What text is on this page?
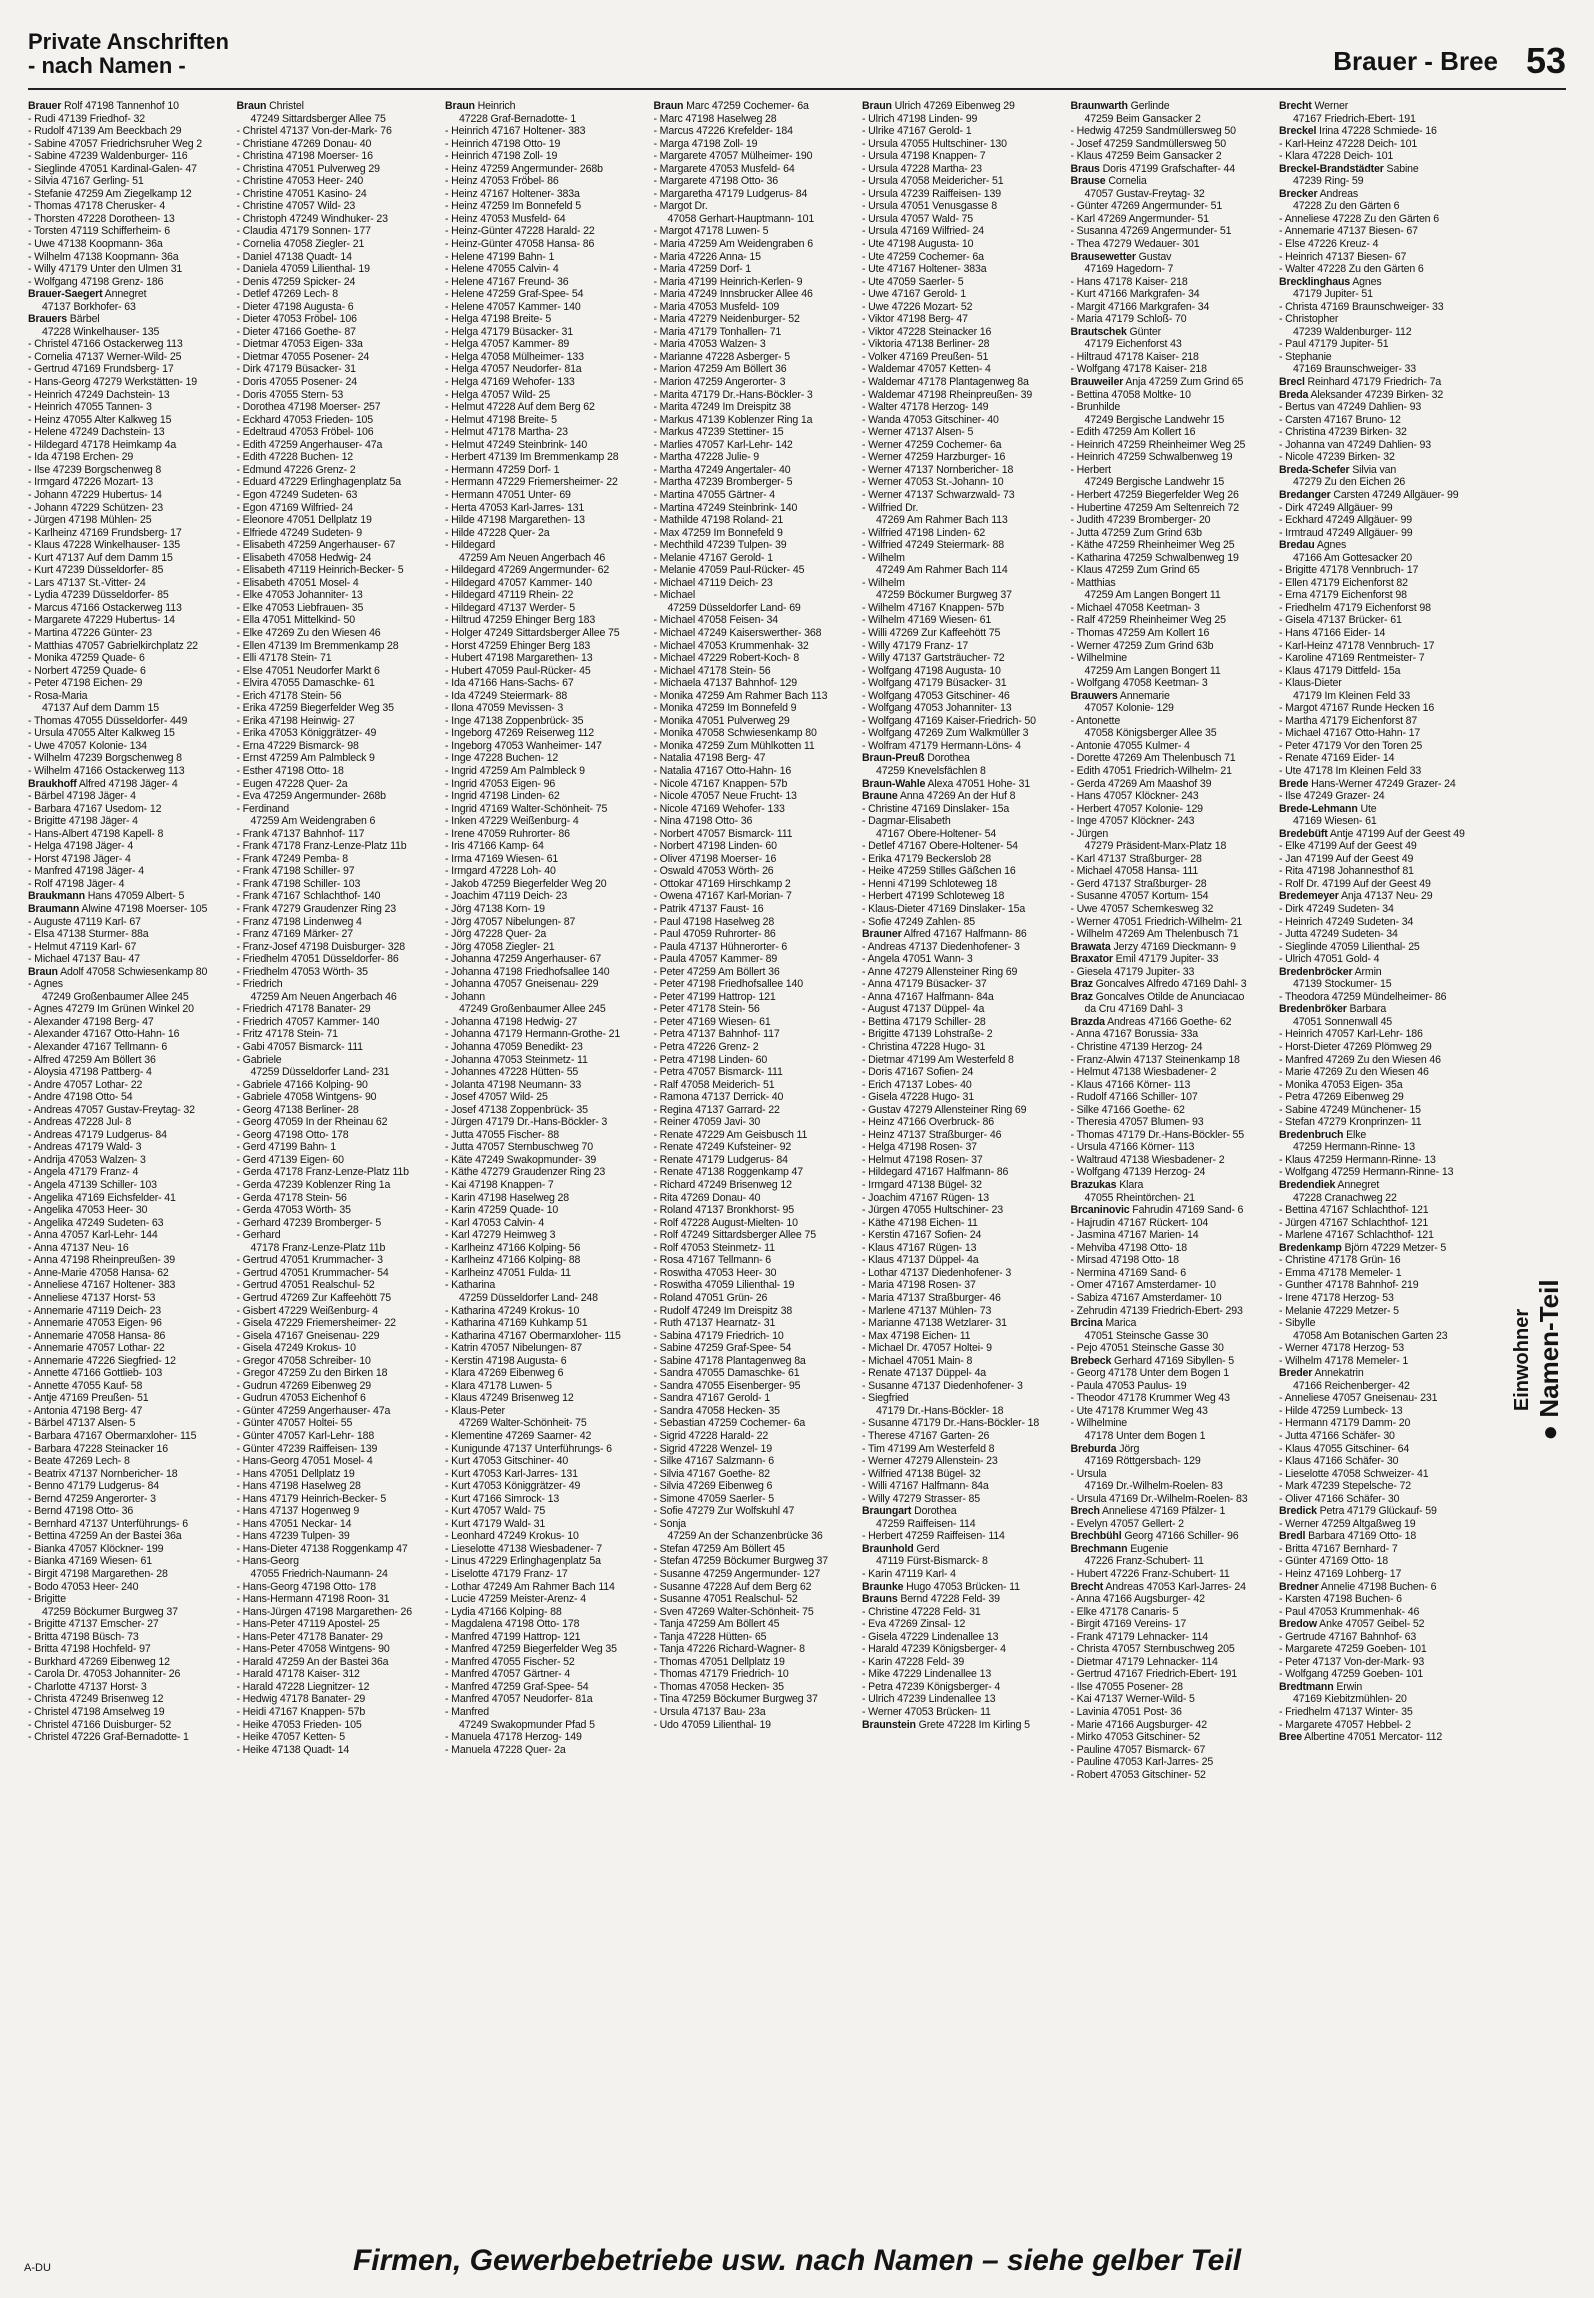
Private Anschriften
- nach Namen -	Brauer - Bree 53
Brauer Rolf 47198 Tannenhof 10
- Rudi 47139 Friedhof- 32
- Rudolf 47139 Am Beeckbach 29
- Sabine 47057 Friedrichsruher Weg 2
- Sabine 47239 Waldenburger- 116
- Sieglinde 47051 Kardinal-Galen- 47
- Silvia 47167 Gerling- 51
- Stefanie 47259 Am Ziegelkamp 12
- Thomas 47178 Cherusker- 4
- Thorsten 47228 Dorotheen- 13
- Torsten 47119 Schifferheim- 6
- Uwe 47138 Koopmann- 36a
- Wilhelm 47138 Koopmann- 36a
- Willy 47179 Unter den Ulmen 31
- Wolfgang 47198 Grenz- 186
Brauer-Saegert Annegret
47137 Borkhofer- 63
Brauers Bärbel
47228 Winkelhauser- 135
- Christel 47166 Ostackerweg 113
- Cornelia 47137 Werner-Wild- 25
- Gertrud 47169 Frundsberg- 17
- Hans-Georg 47279 Werkstätten- 19
- Heinrich 47249 Dachstein- 13
- Heinrich 47055 Tannen- 3
- Heinz 47055 Alter Kalkweg 15
- Helene 47249 Dachstein- 13
- Hildegard 47178 Heimkamp 4a
- Ida 47198 Erchen- 29
- Ilse 47239 Borgschenweg 8
- Irmgard 47226 Mozart- 13
- Johann 47229 Hubertus- 14
- Johann 47229 Schützen- 23
- Jürgen 47198 Mühlen- 25
- Karlheinz 47169 Frundsberg- 17
- Klaus 47228 Winkelhauser- 135
- Kurt 47137 Auf dem Damm 15
- Kurt 47239 Düsseldorfer- 85
- Lars 47137 St.-Vitter- 24
- Lydia 47239 Düsseldorfer- 85
- Marcus 47166 Ostackerweg 113
- Margarete 47229 Hubertus- 14
- Martina 47226 Günter- 23
- Matthias 47057 Gabrielkirchplatz 22
- Monika 47259 Quade- 6
- Norbert 47259 Quade- 6
- Peter 47198 Eichen- 29
- Rosa-Maria
47137 Auf dem Damm 15
- Thomas 47055 Düsseldorfer- 449
- Ursula 47055 Alter Kalkweg 15
- Uwe 47057 Kolonie- 134
- Wilhelm 47239 Borgschenweg 8
- Wilhelm 47166 Ostackerweg 113
Braukhoff Alfred 47198 Jäger- 4
- Bärbel 47198 Jäger- 4
- Barbara 47167 Usedom- 12
- Brigitte 47198 Jäger- 4
- Hans-Albert 47198 Kapell- 8
- Helga 47198 Jäger- 4
- Horst 47198 Jäger- 4
- Manfred 47198 Jäger- 4
- Rolf 47198 Jäger- 4
Braukmann Hans 47059 Albert- 5
Braumann Alwine 47198 Moerser- 105
- Auguste 47119 Karl- 67
- Elsa 47138 Sturmer- 88a
- Helmut 47119 Karl- 67
- Michael 47137 Bau- 47
Braun Adolf 47058 Schwiesenkamp 80
- Agnes
47249 Großenbaumer Allee 245
- Agnes 47279 Im Grünen Winkel 20
- Alexander 47198 Berg- 47
- Alexander 47167 Otto-Hahn- 16
- Alexander 47167 Tellmann- 6
- Alfred 47259 Am Böllert 36
- Aloysia 47198 Pattberg- 4
- Andre 47057 Lothar- 22
- Andre 47198 Otto- 54
- Andreas 47057 Gustav-Freytag- 32
- Andreas 47228 Jul- 8
- Andreas 47179 Ludgerus- 84
- Andreas 47179 Wald- 3
- Andrija 47053 Walzen- 3
- Angela 47179 Franz- 4
- Angela 47139 Schiller- 103
- Angelika 47169 Eichsfelder- 41
- Angelika 47053 Heer- 30
- Angelika 47249 Sudeten- 63
- Anna 47057 Karl-Lehr- 144
- Anna 47137 Neu- 16
- Anna 47198 Rheinpreußen- 39
- Anne-Marie 47058 Hansa- 62
- Anneliese 47167 Holtener- 383
- Anneliese 47137 Horst- 53
- Annemarie 47119 Deich- 23
- Annemarie 47053 Eigen- 96
- Annemarie 47058 Hansa- 86
- Annemarie 47057 Lothar- 22
- Annemarie 47226 Siegfried- 12
- Annette 47166 Gottlieb- 103
- Annette 47055 Kauf- 58
- Antje 47169 Preußen- 51
- Antonia 47198 Berg- 47
- Bärbel 47137 Alsen- 5
- Barbara 47167 Obermarxloher- 115
- Barbara 47228 Steinacker 16
- Beate 47269 Lech- 8
- Beatrix 47137 Nornbericher- 18
- Benno 47179 Ludgerus- 84
- Bernd 47259 Angerorter- 3
- Bernd 47198 Otto- 36
- Bernhard 47137 Unterführungs- 6
- Bettina 47259 An der Bastei 36a
- Bianka 47057 Klöckner- 199
- Bianka 47169 Wiesen- 61
- Birgit 47198 Margarethen- 28
- Bodo 47053 Heer- 240
- Brigitte
47259 Böckumer Burgweg 37
- Brigitte 47137 Emscher- 27
- Britta 47198 Büsch- 73
- Britta 47198 Hochfeld- 97
- Burkhard 47269 Eibenweg 12
- Carola Dr. 47053 Johanniter- 26
- Charlotte 47137 Horst- 3
- Christa 47249 Brisenweg 12
- Christel 47198 Amselweg 19
- Christel 47166 Duisburger- 52
- Christel 47226 Graf-Bernadotte- 1
Braun Christel
47249 Sittardsberger Allee 75
- Christel 47137 Von-der-Mark- 76
- Christiane 47269 Donau- 40
- Christina 47198 Moerser- 16
- Christina 47051 Pulverweg 29
- Christine 47053 Heer- 240
- Christine 47051 Kasino- 24
- Christine 47057 Wild- 23
- Christoph 47249 Windhuker- 23
- Claudia 47179 Sonnen- 177
- Cornelia 47058 Ziegler- 21
- Daniel 47138 Quadt- 14
- Daniela 47059 Lilienthal- 19
- Denis 47259 Spicker- 24
- Detlef 47269 Lech- 8
- Dieter 47198 Augusta- 6
- Dieter 47053 Fröbel- 106
- Dieter 47166 Goethe- 87
- Dietmar 47053 Eigen- 33a
- Dietmar 47055 Posener- 24
- Dirk 47179 Büsacker- 31
- Doris 47055 Posener- 24
- Doris 47055 Stern- 53
- Dorothea 47198 Moerser- 257
- Eckhard 47053 Frieden- 105
- Edeltraud 47053 Fröbel- 106
- Edith 47259 Angerhauser- 47a
- Edith 47228 Buchen- 12
- Edmund 47226 Grenz- 2
- Eduard 47229 Erlinghagenplatz 5a
- Egon 47249 Sudeten- 63
- Egon 47169 Wilfried- 24
- Eleonore 47051 Dellplatz 19
- Elfriede 47249 Sudeten- 9
- Elisabeth 47259 Angerhauser- 67
- Elisabeth 47058 Hedwig- 24
- Elisabeth 47119 Heinrich-Becker- 5
- Elisabeth 47051 Mosel- 4
- Elke 47053 Johanniter- 13
- Elke 47053 Liebfrauen- 35
- Ella 47051 Mittelkind- 50
- Elke 47269 Zu den Wiesen 46
- Ellen 47139 Im Bremmenkamp 28
- Elli 47178 Stein- 71
- Else 47051 Neudorfer Markt 6
- Elvira 47055 Damaschke- 61
- Erich 47178 Stein- 56
- Erika 47259 Biegerfelder Weg 35
- Erika 47198 Heinwig- 27
- Erika 47053 Königgrätzer- 49
- Erna 47229 Bismarck- 98
- Ernst 47259 Am Palmbleck 9
- Esther 47198 Otto- 18
- Eugen 47228 Quer- 2a
- Eva 47259 Angermunder- 268b
- Ferdinand
47259 Am Weidengraben 6
- Frank 47137 Bahnhof- 117
- Frank 47178 Franz-Lenze-Platz 11b
- Frank 47249 Pemba- 8
- Frank 47198 Schiller- 97
- Frank 47198 Schiller- 103
- Frank 47167 Schlachthof- 140
- Frank 47279 Graudenzer Ring 23
- Franz 47198 Lindenweg 4
- Franz 47169 Märker- 27
- Franz-Josef 47198 Duisburger- 328
- Friedhelm 47051 Düsseldorfer- 86
- Friedhelm 47053 Wörth- 35
- Friedrich
47259 Am Neuen Angerbach 46
- Friedrich 47178 Banater- 29
- Friedrich 47057 Kammer- 140
- Fritz 47178 Stein- 71
- Gabi 47057 Bismarck- 111
- Gabriele
47259 Düsseldorfer Land- 231
- Gabriele 47166 Kolping- 90
- Gabriele 47058 Wintgens- 90
- Georg 47138 Berliner- 28
- Georg 47059 In der Rheinau 62
- Georg 47198 Otto- 178
- Gerd 47199 Bahn- 1
- Gerd 47139 Eigen- 60
- Gerda 47178 Franz-Lenze-Platz 11b
- Gerda 47239 Koblenzer Ring 1a
- Gerda 47178 Stein- 56
- Gerda 47053 Wörth- 35
- Gerhard 47239 Bromberger- 5
- Gerhard
47178 Franz-Lenze-Platz 11b
- Gertrud 47051 Krummacher- 3
- Gertrud 47051 Krummacher- 54
- Gertrud 47051 Realschul- 52
- Gertrud 47269 Zur Kaffeehött 75
- Gisbert 47229 Weißenburg- 4
- Gisela 47229 Friemersheimer- 22
- Gisela 47167 Gneisenau- 229
- Gisela 47249 Krokus- 10
- Gregor 47058 Schreiber- 10
- Gregor 47259 Zu den Birken 18
- Gudrun 47269 Eibenweg 29
- Gudrun 47053 Eichenhof 6
- Günter 47259 Angerhauser- 47a
- Günter 47057 Holtei- 55
- Günter 47057 Karl-Lehr- 188
- Günter 47239 Raiffeisen- 139
- Hans-Georg 47051 Mosel- 4
- Hans 47051 Dellplatz 19
- Hans 47198 Haselweg 28
- Hans 47179 Heinrich-Becker- 5
- Hans 47137 Hogenweg 9
- Hans 47051 Neckar- 14
- Hans 47239 Tulpen- 39
- Hans-Dieter 47138 Roggenkamp 47
- Hans-Georg
47055 Friedrich-Naumann- 24
- Hans-Georg 47198 Otto- 178
- Hans-Hermann 47198 Roon- 31
- Hans-Jürgen 47198 Margarethen- 26
- Hans-Peter 47119 Apostel- 25
- Hans-Peter 47178 Banater- 29
- Hans-Peter 47058 Wintgens- 90
- Harald 47259 An der Bastei 36a
- Harald 47178 Kaiser- 312
- Harald 47228 Liegnitzer- 12
- Hedwig 47178 Banater- 29
- Heidi 47167 Knappen- 57b
- Heike 47053 Frieden- 105
- Heike 47057 Ketten- 5
- Heike 47138 Quadt- 14
Braun Heinrich
47228 Graf-Bernadotte- 1
- Heinrich 47167 Holtener- 383
- Heinrich 47198 Otto- 19
- Heinrich 47198 Zoll- 19
- Heinz 47259 Angermunder- 268b
- Heinz 47053 Fröbel- 86
- Heinz 47167 Holtener- 383a
- Heinz 47259 Im Bonnefeld 5
- Heinz 47053 Musfeld- 64
- Heinz-Günter 47228 Harald- 22
- Heinz-Günter 47058 Hansa- 86
- Helene 47199 Bahn- 1
- Helene 47055 Calvin- 4
- Helene 47167 Freund- 36
- Helene 47259 Graf-Spee- 54
- Helene 47057 Kammer- 140
- Helga 47198 Breite- 5
- Helga 47179 Büsacker- 31
- Helga 47057 Kammer- 89
- Helga 47058 Mülheimer- 133
- Helga 47057 Neudorfer- 81a
- Helga 47169 Wehofer- 133
- Helga 47057 Wild- 25
- Helmut 47228 Auf dem Berg 62
- Helmut 47198 Breite- 5
- Helmut 47178 Martha- 23
- Helmut 47249 Steinbrink- 140
- Herbert 47139 Im Bremmenkamp 28
- Hermann 47259 Dorf- 1
- Hermann 47229 Friemersheimer- 22
- Hermann 47051 Unter- 69
- Herta 47053 Karl-Jarres- 131
- Hilde 47198 Margarethen- 13
- Hilde 47228 Quer- 2a
- Hildegard
47259 Am Neuen Angerbach 46
- Hildegard 47269 Angermunder- 62
- Hildegard 47057 Kammer- 140
- Hildegard 47119 Rhein- 22
- Hildegard 47137 Werder- 5
- Hiltrud 47259 Ehinger Berg 183
- Holger 47249 Sittardsberger Allee 75
- Horst 47259 Ehinger Berg 183
- Hubert 47198 Margarethen- 13
- Hubert 47059 Paul-Rücker- 45
- Ida 47166 Hans-Sachs- 67
- Ida 47249 Steiermark- 88
- Ilona 47059 Mevissen- 3
- Inge 47138 Zoppenbrück- 35
- Ingeborg 47269 Reiserweg 112
- Ingeborg 47053 Wanheimer- 147
- Inge 47228 Buchen- 12
- Ingrid 47259 Am Palmbleck 9
- Ingrid 47053 Eigen- 96
- Ingrid 47198 Linden- 62
- Ingrid 47169 Walter-Schönheit- 75
- Inken 47229 Weißenburg- 4
- Irene 47059 Ruhrorter- 86
- Iris 47166 Kamp- 64
- Irma 47169 Wiesen- 61
- Irmgard 47228 Loh- 40
- Jakob 47259 Biegerfelder Weg 20
- Joachim 47119 Deich- 23
- Jörg 47138 Korn- 19
- Jörg 47057 Nibelungen- 87
- Jörg 47228 Quer- 2a
- Jörg 47058 Ziegler- 21
- Johanna 47259 Angerhauser- 67
- Johanna 47198 Friedhofsallee 140
- Johanna 47057 Gneisenau- 229
- Johann
47249 Großenbaumer Allee 245
- Johanna 47198 Hedwig- 27
- Johanna 47179 Hermann-Grothe- 21
- Johanna 47059 Benedikt- 23
- Johanna 47053 Steinmetz- 11
- Johannes 47228 Hütten- 55
- Jolanta 47198 Neumann- 33
- Josef 47057 Wild- 25
- Josef 47138 Zoppenbrück- 35
- Jürgen 47179 Dr.-Hans-Böckler- 3
- Jutta 47055 Fischer- 88
- Jutta 47057 Sternbuschweg 70
- Käte 47249 Swakopmunder- 39
- Käthe 47279 Graudenzer Ring 23
- Kai 47198 Knappen- 7
- Karin 47198 Haselweg 28
- Karin 47259 Quade- 10
- Karl 47053 Calvin- 4
- Karl 47279 Heimweg 3
- Karlheinz 47166 Kolping- 56
- Karlheinz 47166 Kolping- 88
- Karlheinz 47051 Fulda- 11
- Katharina
47259 Düsseldorfer Land- 248
- Katharina 47249 Krokus- 10
- Katharina 47169 Kuhkamp 51
- Katharina 47167 Obermarxloher- 115
- Katrin 47057 Nibelungen- 87
- Kerstin 47198 Augusta- 6
- Klara 47269 Eibenweg 6
- Klara 47178 Luwen- 5
- Klaus 47249 Brisenweg 12
- Klaus-Peter
47269 Walter-Schönheit- 75
- Klementine 47269 Saarner- 42
- Kunigunde 47137 Unterführungs- 6
- Kurt 47053 Gitschiner- 40
- Kurt 47053 Karl-Jarres- 131
- Kurt 47053 Königgrätzer- 49
- Kurt 47166 Simrock- 13
- Kurt 47057 Wald- 75
- Kurt 47179 Wald- 31
- Leonhard 47249 Krokus- 10
- Lieselotte 47138 Wiesbadener- 7
- Linus 47229 Erlinghagenplatz 5a
- Liselotte 47179 Franz- 17
- Lothar 47249 Am Rahmer Bach 114
- Lucie 47259 Meister-Arenz- 4
- Lydia 47166 Kolping- 88
- Magdalena 47198 Otto- 178
- Manfred 47199 Hattrop- 121
- Manfred 47259 Biegerfelder Weg 35
- Manfred 47055 Fischer- 52
- Manfred 47057 Gärtner- 4
- Manfred 47259 Graf-Spee- 54
- Manfred 47057 Neudorfer- 81a
- Manfred
47249 Swakopmunder Pfad 5
- Manuela 47178 Herzog- 149
- Manuela 47228 Quer- 2a
Braun Marc 47259 Cochemer- 6a
- Marc 47198 Haselweg 28
- Marcus 47226 Krefelder- 184
- Marga 47198 Zoll- 19
- Margarete 47057 Mülheimer- 190
- Margarete 47053 Musfeld- 64
- Margarete 47198 Otto- 36
- Margaretha 47179 Ludgerus- 84
- Margot Dr.
47058 Gerhart-Hauptmann- 101
- Margot 47178 Luwen- 5
- Maria 47259 Am Weidengraben 6
- Maria 47226 Anna- 15
- Maria 47259 Dorf- 1
- Maria 47199 Heinrich-Kerlen- 9
- Maria 47249 Innsbrucker Allee 46
- Maria 47053 Musfeld- 109
- Maria 47279 Neidenburger- 52
- Maria 47179 Tonhallen- 71
- Maria 47053 Walzen- 3
- Marianne 47228 Asberger- 5
- Marion 47259 Am Böllert 36
- Marion 47259 Angerorter- 3
- Marita 47179 Dr.-Hans-Böckler- 3
- Marita 47249 Im Dreispitz 38
- Markus 47139 Koblenzer Ring 1a
- Markus 47239 Stettiner- 15
- Marlies 47057 Karl-Lehr- 142
- Martha 47228 Julie- 9
- Martha 47249 Angertaler- 40
- Martha 47239 Bromberger- 5
- Martina 47055 Gärtner- 4
- Martina 47249 Steinbrink- 140
- Mathilde 47198 Roland- 21
- Max 47259 Im Bonnefeld 9
- Mechthild 47239 Tulpen- 39
- Melanie 47167 Gerold- 1
- Melanie 47059 Paul-Rücker- 45
- Michael 47119 Deich- 23
- Michael
47259 Düsseldorfer Land- 69
- Michael 47058 Feisen- 34
- Michael 47249 Kaiserswerther- 368
- Michael 47053 Krummenhak- 32
- Michael 47229 Robert-Koch- 8
- Michael 47178 Stein- 56
- Michaela 47137 Bahnhof- 129
- Monika 47259 Am Rahmer Bach 113
- Monika 47259 Im Bonnefeld 9
- Monika 47051 Pulverweg 29
- Monika 47058 Schwiesenkamp 80
- Monika 47259 Zum Mühlkotten 11
- Natalia 47198 Berg- 47
- Natalia 47167 Otto-Hahn- 16
- Nicole 47167 Knappen- 57b
- Nicole 47057 Neue Frucht- 13
- Nicole 47169 Wehofer- 133
- Nina 47198 Otto- 36
- Norbert 47057 Bismarck- 111
- Norbert 47198 Linden- 60
- Oliver 47198 Moerser- 16
- Oswald 47053 Wörth- 26
- Ottokar 47169 Hirschkamp 2
- Owena 47167 Karl-Morian- 7
- Patrik 47137 Faust- 16
- Paul 47198 Haselweg 28
- Paul 47059 Ruhrorter- 86
- Paula 47137 Hühnerorter- 6
- Paula 47057 Kammer- 89
- Peter 47259 Am Böllert 36
- Peter 47198 Friedhofsallee 140
- Peter 47199 Hattrop- 121
- Peter 47178 Stein- 56
- Peter 47169 Wiesen- 61
- Petra 47137 Bahnhof- 117
- Petra 47226 Grenz- 2
- Petra 47198 Linden- 60
- Petra 47057 Bismarck- 111
- Ralf 47058 Meiderich- 51
- Ramona 47137 Derrick- 40
- Regina 47137 Garrard- 22
- Reiner 47059 Javi- 30
- Renate 47229 Am Geisbusch 11
- Renate 47249 Kufsteiner- 92
- Renate 47179 Ludgerus- 84
- Renate 47138 Roggenkamp 47
- Richard 47249 Brisenweg 12
- Rita 47269 Donau- 40
- Roland 47137 Bronkhorst- 95
- Rolf 47228 August-Mielten- 10
- Rolf 47249 Sittardsberger Allee 75
- Rolf 47053 Steinmetz- 11
- Rosa 47167 Tellmann- 6
- Roswitha 47053 Heer- 30
- Roswitha 47059 Lilienthal- 19
- Roland 47051 Grün- 26
- Rudolf 47249 Im Dreispitz 38
- Ruth 47137 Hearnatz- 31
- Sabina 47179 Friedrich- 10
- Sabine 47259 Graf-Spee- 54
- Sabine 47178 Plantagenweg 8a
- Sandra 47055 Damaschke- 61
- Sandra 47055 Eisenberger- 95
- Sandra 47167 Gerold- 1
- Sandra 47058 Hecken- 35
- Sebastian 47259 Cochemer- 6a
- Sigrid 47228 Harald- 22
- Sigrid 47228 Wenzel- 19
- Silke 47167 Salzmann- 6
- Silvia 47167 Goethe- 82
- Silvia 47269 Eibenweg 6
- Simone 47059 Saerler- 5
- Sofie 47279 Zur Wolfskuhl 47
- Sonja
47259 An der Schanzenbrücke 36
- Stefan 47259 Am Böllert 45
- Stefan 47259 Böckumer Burgweg 37
- Susanne 47259 Angermunder- 127
- Susanne 47228 Auf dem Berg 62
- Susanne 47051 Realschul- 52
- Sven 47269 Walter-Schönheit- 75
- Tanja 47259 Am Böllert 45
- Tanja 47228 Hütten- 65
- Tanja 47226 Richard-Wagner- 8
- Thomas 47051 Dellplatz 19
- Thomas 47179 Friedrich- 10
- Thomas 47058 Hecken- 35
- Tina 47259 Böckumer Burgweg 37
- Ursula 47137 Bau- 23a
- Udo 47059 Lilienthal- 19
Braun Ulrich 47269 Eibenweg 29
- Ulrich 47198 Linden- 99
- Ulrike 47167 Gerold- 1
- Ursula 47055 Hultschiner- 130
- Ursula 47198 Knappen- 7
- Ursula 47228 Martha- 23
- Ursula 47058 Meidericher- 51
- Ursula 47239 Raiffeisen- 139
- Ursula 47051 Venusgasse 8
- Ursula 47057 Wald- 75
- Ursula 47169 Wilfried- 24
- Ute 47198 Augusta- 10
- Ute 47259 Cochemer- 6a
- Ute 47167 Holtener- 383a
- Ute 47059 Saerler- 5
- Uwe 47167 Gerold- 1
- Uwe 47226 Mozart- 52
- Viktor 47198 Berg- 47
- Viktor 47228 Steinacker 16
- Viktoria 47138 Berliner- 28
- Volker 47169 Preußen- 51
- Waldemar 47057 Ketten- 4
- Waldemar 47178 Plantagenweg 8a
- Waldemar 47198 Rheinpreußen- 39
- Walter 47178 Herzog- 149
- Wanda 47053 Gitschiner- 40
- Werner 47137 Alsen- 5
- Werner 47259 Cochemer- 6a
- Werner 47259 Harzburger- 16
- Werner 47137 Nornbericher- 18
- Werner 47053 St.-Johann- 10
- Werner 47137 Schwarzwald- 73
- Wilfried Dr.
47269 Am Rahmer Bach 113
- Wilfried 47198 Linden- 62
- Wilfried 47249 Steiermark- 88
- Wilhelm
47249 Am Rahmer Bach 114
- Wilhelm
47259 Böckumer Burgweg 37
- Wilhelm 47167 Knappen- 57b
- Wilhelm 47169 Wiesen- 61
- Willi 47269 Zur Kaffeehött 75
- Willy 47179 Franz- 17
- Willy 47137 Gartsträucher- 72
- Wolfgang 47198 Augusta- 10
- Wolfgang 47179 Büsacker- 31
- Wolfgang 47053 Gitschiner- 46
- Wolfgang 47053 Johanniter- 13
- Wolfgang 47169 Kaiser-Friedrich- 50
- Wolfgang 47269 Zum Walkmüller 3
- Wolfram 47179 Hermann-Löns- 4
Braun-Preuß Dorothea
47259 Knevelsfächlen 8
Braun-Wahle Alexa 47051 Hohe- 31
Braune Anna 47269 An der Huf 8
- Christine 47169 Dinslaker- 15a
- Dagmar-Elisabeth
47167 Obere-Holtener- 54
- Detlef 47167 Obere-Holtener- 54
- Erika 47179 Beckerslob 28
- Heike 47259 Stilles Gäßchen 16
- Henni 47199 Schloteweg 18
- Herbert 47199 Schloteweg 18
- Klaus-Dieter 47169 Dinslaker- 15a
- Sofie 47249 Zahlen- 85
Brauner Alfred 47167 Halfmann- 86
- Andreas 47137 Diedenhofener- 3
- Angela 47051 Wann- 3
- Anne 47279 Allensteiner Ring 69
- Anna 47179 Büsacker- 37
- Anna 47167 Halfmann- 84a
- August 47137 Düppel- 4a
- Bettina 47179 Schiller- 28
- Brigitte 47139 Lohstraße- 2
- Christina 47228 Hugo- 31
- Dietmar 47199 Am Westerfeld 8
- Doris 47167 Sofien- 24
- Erich 47137 Lobes- 40
- Gisela 47228 Hugo- 31
- Gustav 47279 Allensteiner Ring 69
- Heinz 47166 Overbruck- 86
- Heinz 47137 Straßburger- 46
- Helga 47198 Rosen- 37
- Helmut 47198 Rosen- 37
- Hildegard 47167 Halfmann- 86
- Irmgard 47138 Bügel- 32
- Joachim 47167 Rügen- 13
- Jürgen 47055 Hultschiner- 23
- Käthe 47198 Eichen- 11
- Kerstin 47167 Sofien- 24
- Klaus 47167 Rügen- 13
- Klaus 47137 Düppel- 4a
- Lothar 47137 Diedenhofener- 3
- Maria 47198 Rosen- 37
- Maria 47137 Straßburger- 46
- Marlene 47137 Mühlen- 73
- Marianne 47138 Wetzlarer- 31
- Max 47198 Eichen- 11
- Michael Dr. 47057 Holtei- 9
- Michael 47051 Main- 8
- Renate 47137 Düppel- 4a
- Susanne 47137 Diedenhofener- 3
- Siegfried
47179 Dr.-Hans-Böckler- 18
- Susanne 47179 Dr.-Hans-Böckler- 18
- Therese 47167 Garten- 26
- Tim 47199 Am Westerfeld 8
- Werner 47279 Allenstein- 23
- Wilfried 47138 Bügel- 32
- Willi 47167 Halfmann- 84a
- Willy 47279 Strasser- 85
Braungart Dorothea
47259 Raiffeisen- 114
- Herbert 47259 Raiffeisen- 114
Braunhold Gerd
47119 Fürst-Bismarck- 8
- Karin 47119 Karl- 4
Braunke Hugo 47053 Brücken- 11
Brauns Bernd 47228 Feld- 39
- Christine 47228 Feld- 31
- Eva 47269 Zinsal- 12
- Gisela 47229 Lindenallee 13
- Harald 47239 Königsberger- 4
- Karin 47228 Feld- 39
- Mike 47229 Lindenallee 13
- Petra 47239 Königsberger- 4
- Ulrich 47239 Lindenallee 13
- Werner 47053 Brücken- 11
Braunstein Grete 47228 Im Kirling 5
Braunwarth Gerlinde
47259 Beim Gansacker 2
- Hedwig 47259 Sandmüllersweg 50
- Josef 47259 Sandmüllersweg 50
- Klaus 47259 Beim Gansacker 2
Braus Doris 47199 Grafschafter- 44
Brause Cornelia
47057 Gustav-Freytag- 32
- Günter 47269 Angermunder- 51
- Karl 47269 Angermunder- 51
- Susanna 47269 Angermunder- 51
- Thea 47279 Wedauer- 301
Brausewetter Gustav
47169 Hagedorn- 7
- Hans 47178 Kaiser- 218
- Kurt 47166 Markgrafen- 34
- Margit 47166 Markgrafen- 34
- Maria 47179 Schloß- 70
Brautschek Günter
47179 Eichenforst 43
- Hiltraud 47178 Kaiser- 218
- Wolfgang 47178 Kaiser- 218
Brauweiler Anja 47259 Zum Grind 65
- Bettina 47058 Moltke- 10
- Brunhilde
47249 Bergische Landwehr 15
- Edith 47259 Am Kollert 16
- Heinrich 47259 Rheinheimer Weg 25
- Heinrich 47259 Schwalbenweg 19
- Herbert
47249 Bergische Landwehr 15
- Herbert 47259 Biegerfelder Weg 26
- Hubertine 47259 Am Seltenreich 72
- Judith 47239 Bromberger- 20
- Jutta 47259 Zum Grind 63b
- Käthe 47259 Rheinheimer Weg 25
- Katharina 47259 Schwalbenweg 19
- Klaus 47259 Zum Grind 65
- Matthias
47259 Am Langen Bongert 11
- Michael 47058 Keetman- 3
- Ralf 47259 Rheinheimer Weg 25
- Thomas 47259 Am Kollert 16
- Werner 47259 Zum Grind 63b
- Wilhelmine
47259 Am Langen Bongert 11
- Wolfgang 47058 Keetman- 3
Brauwers Annemarie
47057 Kolonie- 129
- Antonette
47058 Königsberger Allee 35
- Antonie 47055 Kulmer- 4
- Dorette 47269 Am Thelenbusch 71
- Edith 47051 Friedrich-Wilhelm- 21
- Gerda 47269 Am Maashof 39
- Hans 47057 Klöckner- 243
- Herbert 47057 Kolonie- 129
- Inge 47057 Klöckner- 243
- Jürgen
47279 Präsident-Marx-Platz 18
- Karl 47137 Straßburger- 28
- Michael 47058 Hansa- 111
- Gerd 47137 Straßburger- 28
- Susanne 47057 Kortum- 154
- Uwe 47057 Schemkesweg 32
- Werner 47051 Friedrich-Wilhelm- 21
- Wilhelm 47269 Am Thelenbusch 71
Brawata Jerzy 47169 Dieckmann- 9
Braxator Emil 47179 Jupiter- 33
- Giesela 47179 Jupiter- 33
Braz Goncalves Alfredo 47169 Dahl- 3
Braz Goncalves Otilde de Anunciacao
da Cru 47169 Dahl- 3
Brazda Andreas 47166 Goethe- 62
- Anna 47167 Borussia- 33a
- Christine 47139 Herzog- 24
- Franz-Alwin 47137 Steinenkamp 18
- Helmut 47138 Wiesbadener- 2
- Klaus 47166 Körner- 113
- Rudolf 47166 Schiller- 107
- Silke 47166 Goethe- 62
- Theresia 47057 Blumen- 93
- Thomas 47179 Dr.-Hans-Böckler- 55
- Ursula 47166 Körner- 113
- Waltraud 47138 Wiesbadener- 2
- Wolfgang 47139 Herzog- 24
Brazukas Klara
47055 Rheintörchen- 21
Brcaninovic Fahrudin 47169 Sand- 6
- Hajrudin 47167 Rückert- 104
- Jasmina 47167 Marien- 14
- Mehviba 47198 Otto- 18
- Mirsad 47198 Otto- 18
- Nermina 47169 Sand- 6
- Omer 47167 Amsterdamer- 10
- Sabiza 47167 Amsterdamer- 10
- Zehrudin 47139 Friedrich-Ebert- 293
Brcina Marica
47051 Steinsche Gasse 30
- Pejo 47051 Steinsche Gasse 30
Brebeck Gerhard 47169 Sibyllen- 5
- Georg 47178 Unter dem Bogen 1
- Paula 47053 Paulus- 19
- Theodor 47178 Krummer Weg 43
- Ute 47178 Krummer Weg 43
- Wilhelmine
47178 Unter dem Bogen 1
Breburda Jörg
47169 Röttgersbach- 129
- Ursula
47169 Dr.-Wilhelm-Roelen- 83
- Ursula 47169 Dr.-Wilhelm-Roelen- 83
Brech Anneliese 47169 Pfälzer- 1
- Evelyn 47057 Gellert- 2
Brechbühl Georg 47166 Schiller- 96
Brechmann Eugenie
47226 Franz-Schubert- 11
- Hubert 47226 Franz-Schubert- 11
Brecht Andreas 47053 Karl-Jarres- 24
- Anna 47166 Augsburger- 42
- Elke 47178 Canaris- 5
- Birgit 47169 Vereins- 17
- Frank 47179 Lehnacker- 114
- Christa 47057 Sternbuschweg 205
- Dietmar 47179 Lehnacker- 114
- Gertrud 47167 Friedrich-Ebert- 191
- Ilse 47055 Posener- 28
- Kai 47137 Werner-Wild- 5
- Lavinia 47051 Post- 36
- Marie 47166 Augsburger- 42
- Mirko 47053 Gitschiner- 52
- Pauline 47057 Bismarck- 67
- Pauline 47053 Karl-Jarres- 25
- Robert 47053 Gitschiner- 52
Brecht Werner
47167 Friedrich-Ebert- 191
Breckel Irina 47228 Schmiede- 16
- Karl-Heinz 47228 Deich- 101
- Klara 47228 Deich- 101
Breckel-Brandstädter Sabine
47239 Ring- 59
Brecker Andreas
47228 Zu den Gärten 6
- Anneliese 47228 Zu den Gärten 6
- Annemarie 47137 Biesen- 67
- Else 47226 Kreuz- 4
- Heinrich 47137 Biesen- 67
- Walter 47228 Zu den Gärten 6
Brecklinghaus Agnes
47179 Jupiter- 51
- Christa 47169 Braunschweiger- 33
- Christopher
47239 Waldenburger- 112
- Paul 47179 Jupiter- 51
- Stephanie
47169 Braunschweiger- 33
Brecl Reinhard 47179 Friedrich- 7a
Breda Aleksander 47239 Birken- 32
- Bertus van 47249 Dahlien- 93
- Carsten 47167 Bruno- 12
- Christina 47239 Birken- 32
- Johanna van 47249 Dahlien- 93
- Nicole 47239 Birken- 32
Breda-Schefer Silvia van
47279 Zu den Eichen 26
Bredanger Carsten 47249 Allgäuer- 99
- Dirk 47249 Allgäuer- 99
- Eckhard 47249 Allgäuer- 99
- Irmtraud 47249 Allgäuer- 99
Bredau Agnes
47166 Am Gottesacker 20
- Brigitte 47178 Vennbruch- 17
- Ellen 47179 Eichenforst 82
- Erna 47179 Eichenforst 98
- Friedhelm 47179 Eichenforst 98
- Gisela 47137 Brücker- 61
- Hans 47166 Eider- 14
- Karl-Heinz 47178 Vennbruch- 17
- Karoline 47169 Rentmeister- 7
- Klaus 47179 Dittfeld- 15a
- Klaus-Dieter
47179 Im Kleinen Feld 33
- Margot 47167 Runde Hecken 16
- Martha 47179 Eichenforst 87
- Michael 47167 Otto-Hahn- 17
- Peter 47179 Vor den Toren 25
- Renate 47169 Eider- 14
- Ute 47178 Im Kleinen Feld 33
Brede Hans-Werner 47249 Grazer- 24
- Ilse 47249 Grazer- 24
Brede-Lehmann Ute
47169 Wiesen- 61
Bredebüft Antje 47199 Auf der Geest 49
- Elke 47199 Auf der Geest 49
- Jan 47199 Auf der Geest 49
- Rita 47198 Johannesthof 81
- Rolf Dr. 47199 Auf der Geest 49
Bredemeyer Anja 47137 Neu- 29
- Dirk 47249 Sudeten- 34
- Heinrich 47249 Sudeten- 34
- Jutta 47249 Sudeten- 34
- Sieglinde 47059 Lilienthal- 25
- Ulrich 47051 Gold- 4
Bredenbröcker Armin
47139 Stockumer- 15
- Theodora 47259 Mündelheimer- 86
Bredenbröker Barbara
47051 Sonnenwall 45
- Heinrich 47057 Karl-Lehr- 186
- Horst-Dieter 47269 Plömweg 29
- Manfred 47269 Zu den Wiesen 46
- Marie 47269 Zu den Wiesen 46
- Monika 47053 Eigen- 35a
- Petra 47269 Eibenweg 29
- Sabine 47249 Münchener- 15
- Stefan 47279 Kronprinzen- 11
Bredenbruch Elke
47259 Hermann-Rinne- 13
- Klaus 47259 Hermann-Rinne- 13
- Wolfgang 47259 Hermann-Rinne- 13
Bredendiek Annegret
47228 Cranachweg 22
- Bettina 47167 Schlachthof- 121
- Jürgen 47167 Schlachthof- 121
- Marlene 47167 Schlachthof- 121
Bredenkamp Björn 47229 Metzer- 5
- Christine 47178 Grün- 16
- Emma 47178 Memeler- 1
- Gunther 47178 Bahnhof- 219
- Irene 47178 Herzog- 53
- Melanie 47229 Metzer- 5
- Sibylle
47058 Am Botanischen Garten 23
- Werner 47178 Herzog- 53
- Wilhelm 47178 Memeler- 1
Breder Annekatrin
47166 Reichenberger- 42
- Anneliese 47057 Gneisenau- 231
- Hilde 47259 Lumbeck- 13
- Hermann 47179 Damm- 20
- Jutta 47166 Schäfer- 30
- Klaus 47055 Gitschiner- 64
- Klaus 47166 Schäfer- 30
- Lieselotte 47058 Schweizer- 41
- Mark 47239 Stepelsche- 72
- Oliver 47166 Schäfer- 30
Bredick Petra 47179 Glückauf- 59
- Werner 47259 Altgaßweg 19
Bredl Barbara 47169 Otto- 18
- Britta 47167 Bernhard- 7
- Günter 47169 Otto- 18
- Heinz 47169 Lohberg- 17
Bredner Annelie 47198 Buchen- 6
- Karsten 47198 Buchen- 6
- Paul 47053 Krummenhak- 46
Bredow Anke 47057 Geibel- 52
- Gertrude 47167 Bahnhof- 63
- Margarete 47259 Goeben- 101
- Peter 47137 Von-der-Mark- 93
- Wolfgang 47259 Goeben- 101
Bredtmann Erwin
47169 Kiebitzmühlen- 20
- Friedhelm 47137 Winter- 35
- Margarete 47057 Hebbel- 2
Bree Albertine 47051 Mercator- 112
Einwohner
● Namen-Teil
Firmen, Gewerbebetriebe usw. nach Namen – siehe gelber Teil
A-DU
